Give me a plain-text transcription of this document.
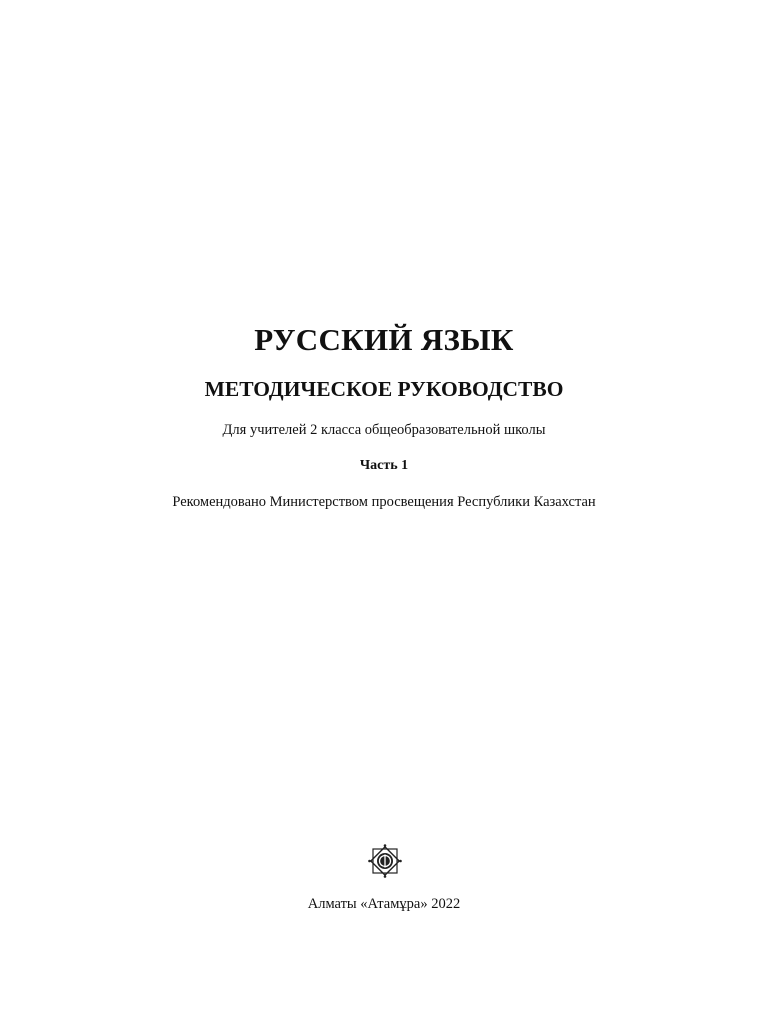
РУССКИЙ ЯЗЫК
МЕТОДИЧЕСКОЕ РУКОВОДСТВО
Для учителей 2 класса общеобразовательной школы
Часть 1
Рекомендовано Министерством просвещения Республики Казахстан
Алматы «Атамұра» 2022
